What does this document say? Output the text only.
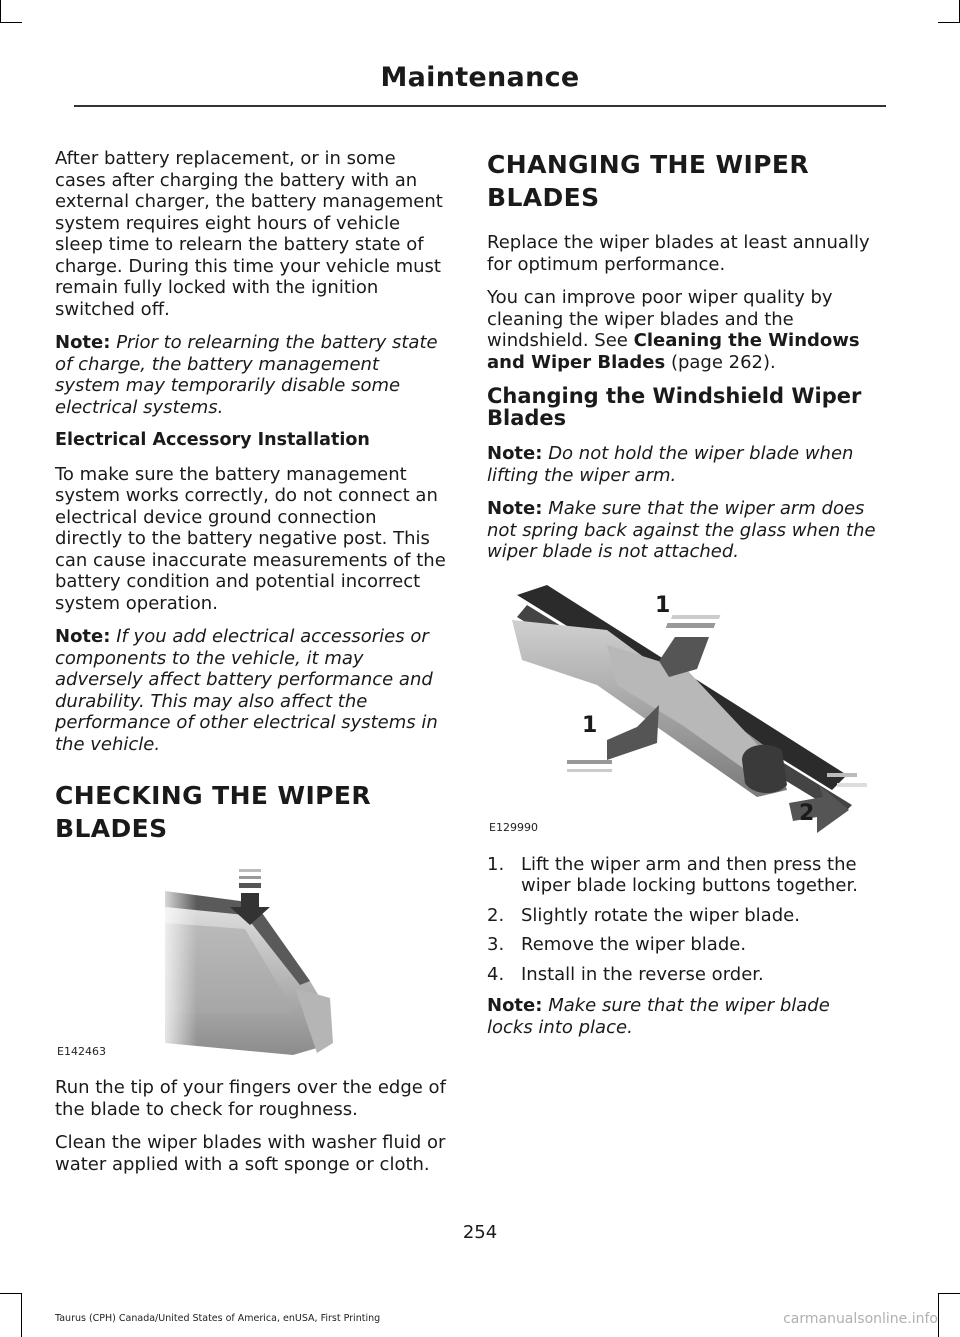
Maintenance

After battery replacement, or in some cases after charging the battery with an external charger, the battery management system requires eight hours of vehicle sleep time to relearn the battery state of charge. During this time your vehicle must remain fully locked with the ignition switched off.

Note: Prior to relearning the battery state of charge, the battery management system may temporarily disable some electrical systems.

Electrical Accessory Installation

To make sure the battery management system works correctly, do not connect an electrical device ground connection directly to the battery negative post. This can cause inaccurate measurements of the battery condition and potential incorrect system operation.

Note: If you add electrical accessories or components to the vehicle, it may adversely affect battery performance and durability. This may also affect the performance of other electrical systems in the vehicle.

CHECKING THE WIPER BLADES
E142463

Run the tip of your fingers over the edge of the blade to check for roughness.

Clean the wiper blades with washer fluid or water applied with a soft sponge or cloth.

CHANGING THE WIPER BLADES

Replace the wiper blades at least annually for optimum performance.

You can improve poor wiper quality by cleaning the wiper blades and the windshield. See Cleaning the Windows and Wiper Blades (page 262).

Changing the Windshield Wiper Blades

Note: Do not hold the wiper blade when lifting the wiper arm.

Note: Make sure that the wiper arm does not spring back against the glass when the wiper blade is not attached.

1
1
2
E129990
1. Lift the wiper arm and then press the wiper blade locking buttons together.
2. Slightly rotate the wiper blade.
3. Remove the wiper blade.
4. Install in the reverse order.

Note: Make sure that the wiper blade locks into place.

254
Taurus (CPH) Canada/United States of America, enUSA, First Printing	carmanualsonline.info
